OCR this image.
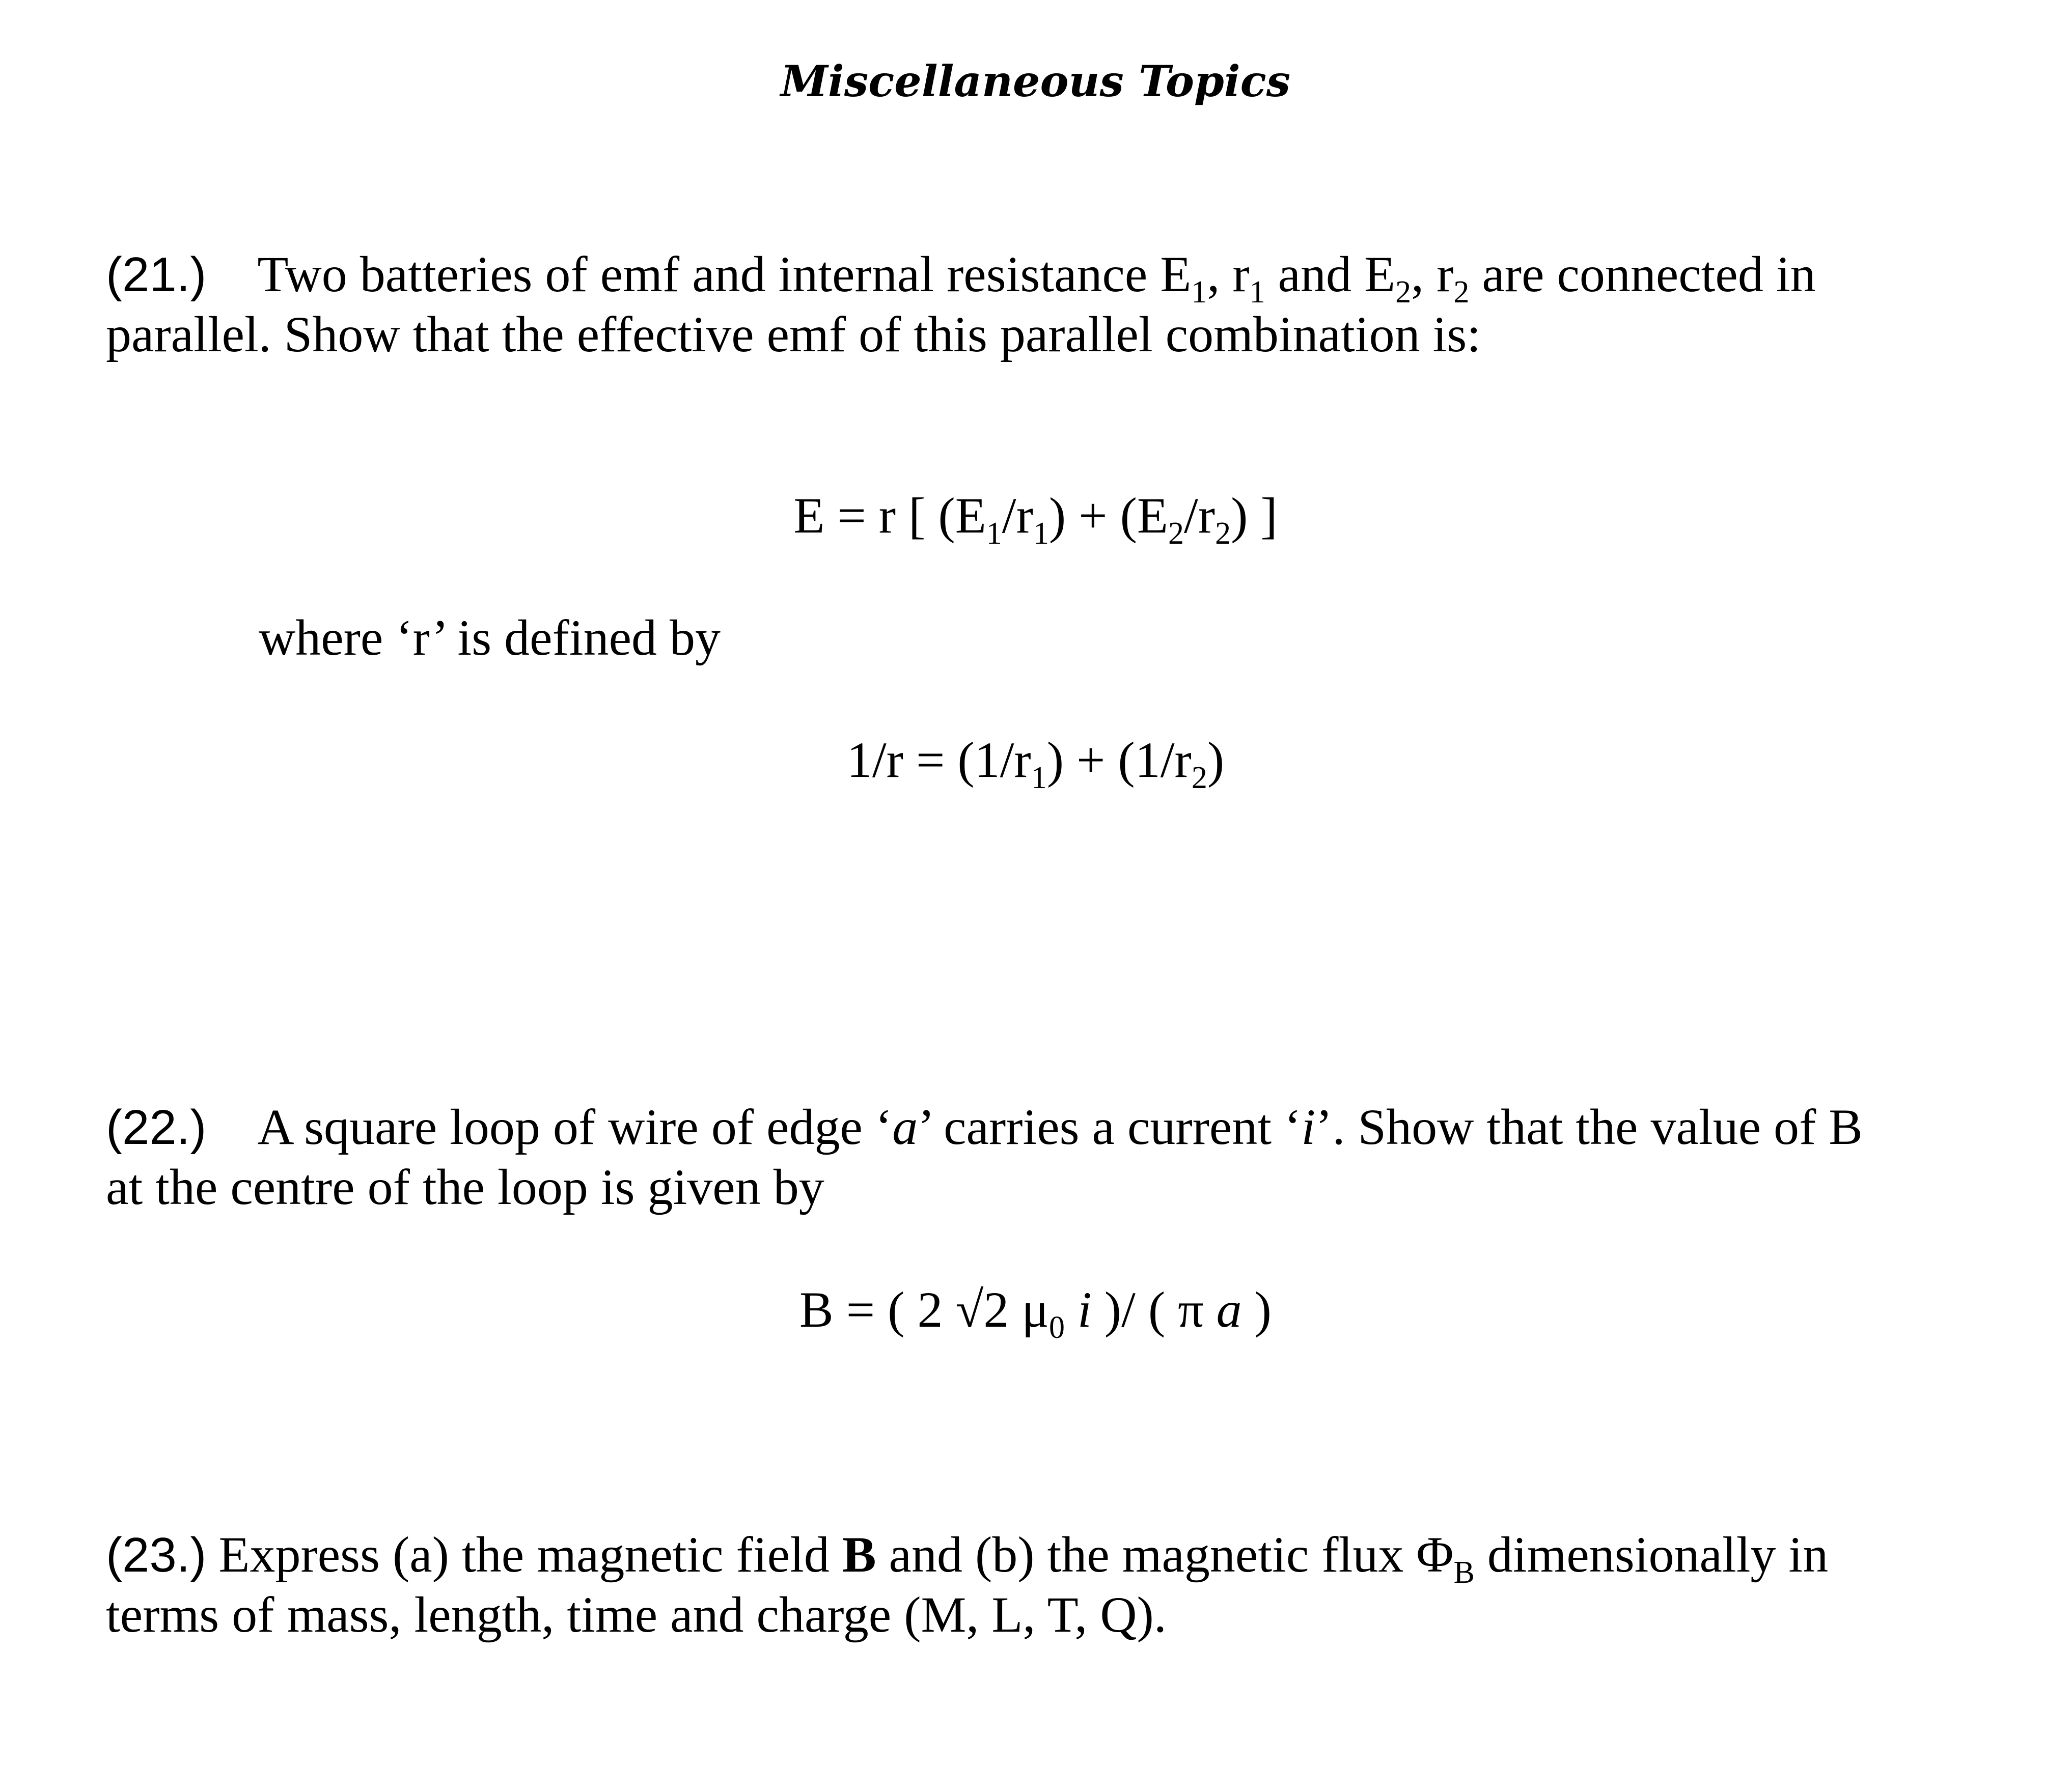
Miscellaneous Topics
(21.) Two batteries of emf and internal resistance $E_1$, $r_1$ and $E_2$, $r_2$ are connected in
parallel. Show that the effective emf of this parallel combination is:
E = r [ $(E_1/r_1) + (E_2/r_2)$ ]
where ‘r’ is defined by
$1/r = (1/r_1) + (1/r_2)$
(22.) A square loop of wire of edge ‘a’ carries a current ‘i’. Show that the value of B
at the centre of the loop is given by
B = ( 2 √2 $\mu_0$ i )/ ( π a )
(23.) Express (a) the magnetic field B and (b) the magnetic flux $\Phi_B$ dimensionally in
terms of mass, length, time and charge (M, L, T, Q).
